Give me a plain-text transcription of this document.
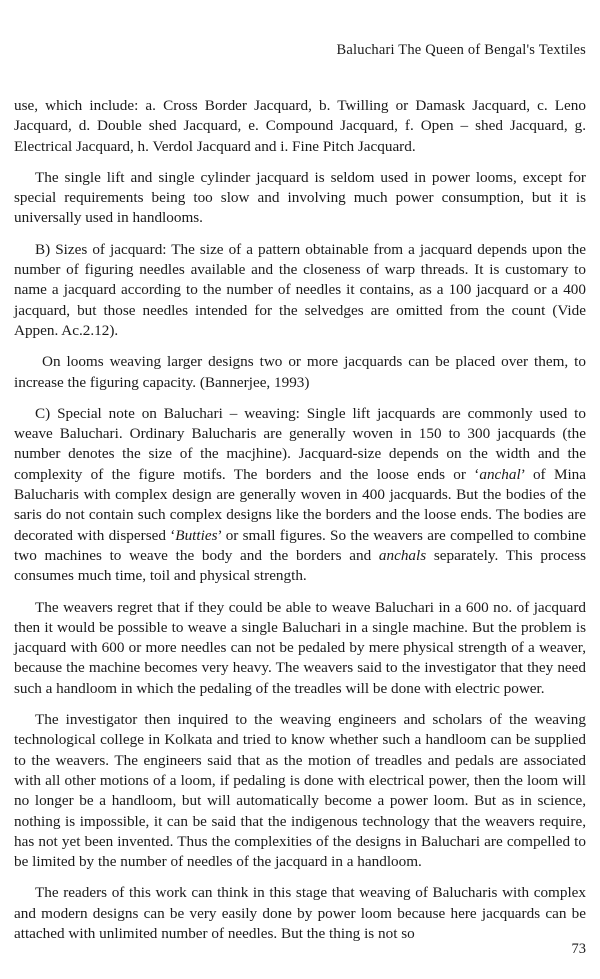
Baluchari The Queen of Bengal's Textiles

use, which include: a. Cross Border Jacquard, b. Twilling or Damask Jacquard, c. Leno Jacquard, d. Double shed Jacquard, e. Compound Jacquard, f. Open – shed Jacquard, g. Electrical Jacquard, h. Verdol Jacquard and i. Fine Pitch Jacquard.

The single lift and single cylinder jacquard is seldom used in power looms, except for special requirements being too slow and involving much power consumption, but it is universally used in handlooms.

B) Sizes of jacquard: The size of a pattern obtainable from a jacquard depends upon the number of figuring needles available and the closeness of warp threads. It is customary to name a jacquard according to the number of needles it contains, as a 100 jacquard or a 400 jacquard, but those needles intended for the selvedges are omitted from the count (Vide Appen. Ac.2.12).

On looms weaving larger designs two or more jacquards can be placed over them, to increase the figuring capacity. (Bannerjee, 1993)

C) Special note on Baluchari – weaving: Single lift jacquards are commonly used to weave Baluchari. Ordinary Balucharis are generally woven in 150 to 300 jacquards (the number denotes the size of the macjhine). Jacquard-size depends on the width and the complexity of the figure motifs. The borders and the loose ends or ‘anchal’ of Mina Balucharis with complex design are generally woven in 400 jacquards. But the bodies of the saris do not contain such complex designs like the borders and the loose ends. The bodies are decorated with dispersed ‘Butties’ or small figures. So the weavers are compelled to combine two machines to weave the body and the borders and anchals separately. This process consumes much time, toil and physical strength.

The weavers regret that if they could be able to weave Baluchari in a 600 no. of jacquard then it would be possible to weave a single Baluchari in a single machine. But the problem is jacquard with 600 or more needles can not be pedaled by mere physical strength of a weaver, because the machine becomes very heavy. The weavers said to the investigator that they need such a handloom in which the pedaling of the treadles will be done with electric power.

The investigator then inquired to the weaving engineers and scholars of the weaving technological college in Kolkata and tried to know whether such a handloom can be supplied to the weavers. The engineers said that as the motion of treadles and pedals are associated with all other motions of a loom, if pedaling is done with electrical power, then the loom will no longer be a handloom, but will automatically become a power loom. But as in science, nothing is impossible, it can be said that the indigenous technology that the weavers require, has not yet been invented. Thus the complexities of the designs in Baluchari are compelled to be limited by the number of needles of the jacquard in a handloom.

The readers of this work can think in this stage that weaving of Balucharis with complex and modern designs can be very easily done by power loom because here jacquards can be attached with unlimited number of needles. But the thing is not so

73
